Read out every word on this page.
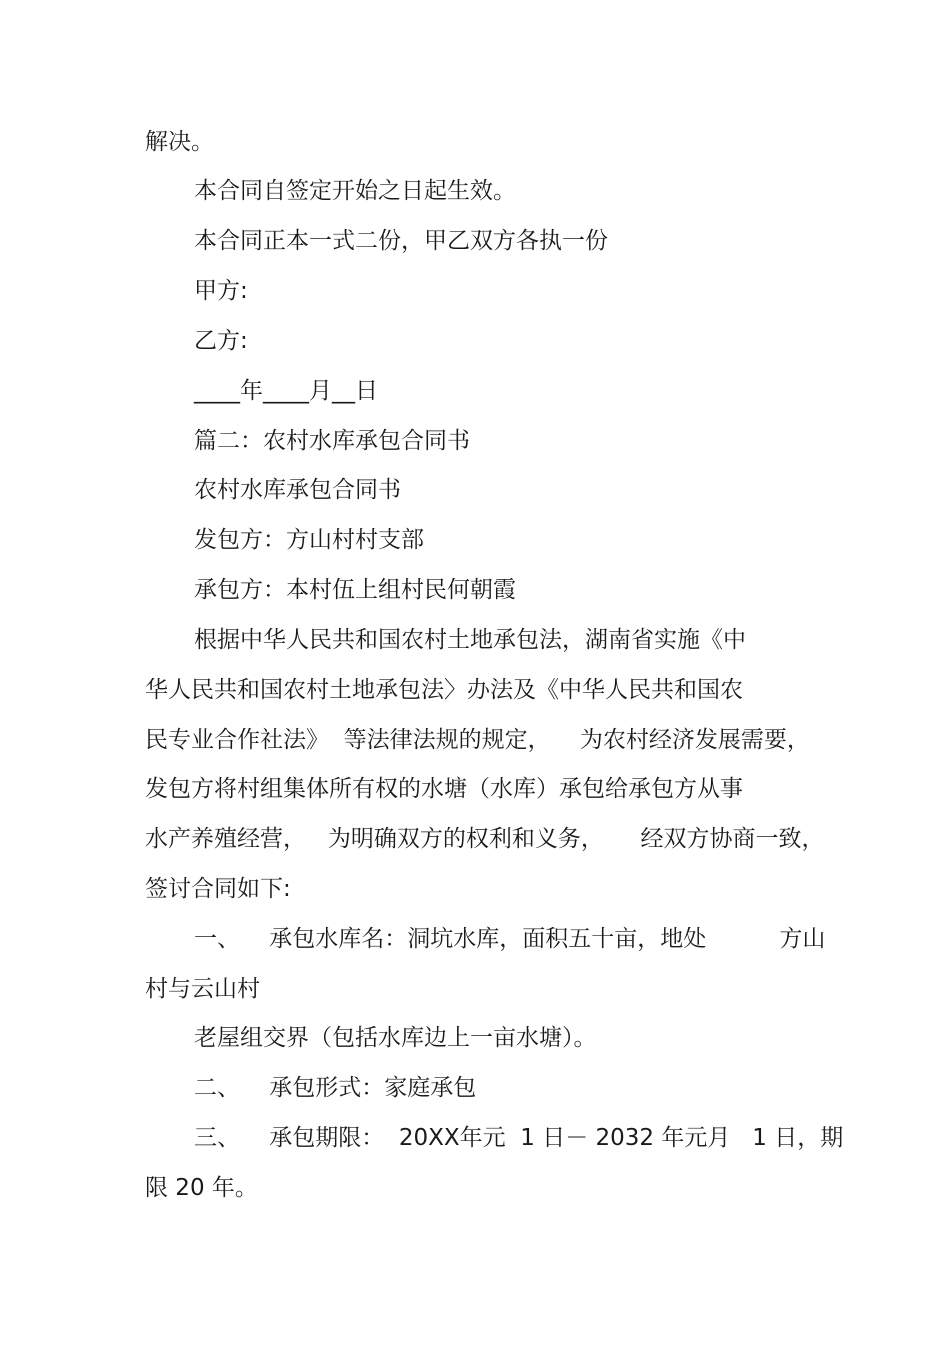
解决。

本合同自签定开始之日起生效。

本合同正本一式二份，甲乙双方各执一份

甲方:

乙方:

____年____月__日

篇二：农村水库承包合同书

农村水库承包合同书

发包方：方山村村支部

承包方：本村伍上组村民何朝霞

根据中华人民共和国农村土地承包法，湖南省实施《中

华人民共和国农村土地承包法〉办法及《中华人民共和国农

民专业合作社法》  等法律法规的规定，    为农村经济发展需要，

发包方将村组集体所有权的水塘（水库）承包给承包方从事

水产养殖经营，   为明确双方的权利和义务，     经双方协商一致，

签讨合同如下:

一、    承包水库名：洞坑水库，面积五十亩，地处          方山

村与云山村

老屋组交界（包括水库边上一亩水塘）。

二、    承包形式：家庭承包

三、    承包期限：  20XX年元  1 日－ 2032 年元月   1 日，期

限 20 年。
